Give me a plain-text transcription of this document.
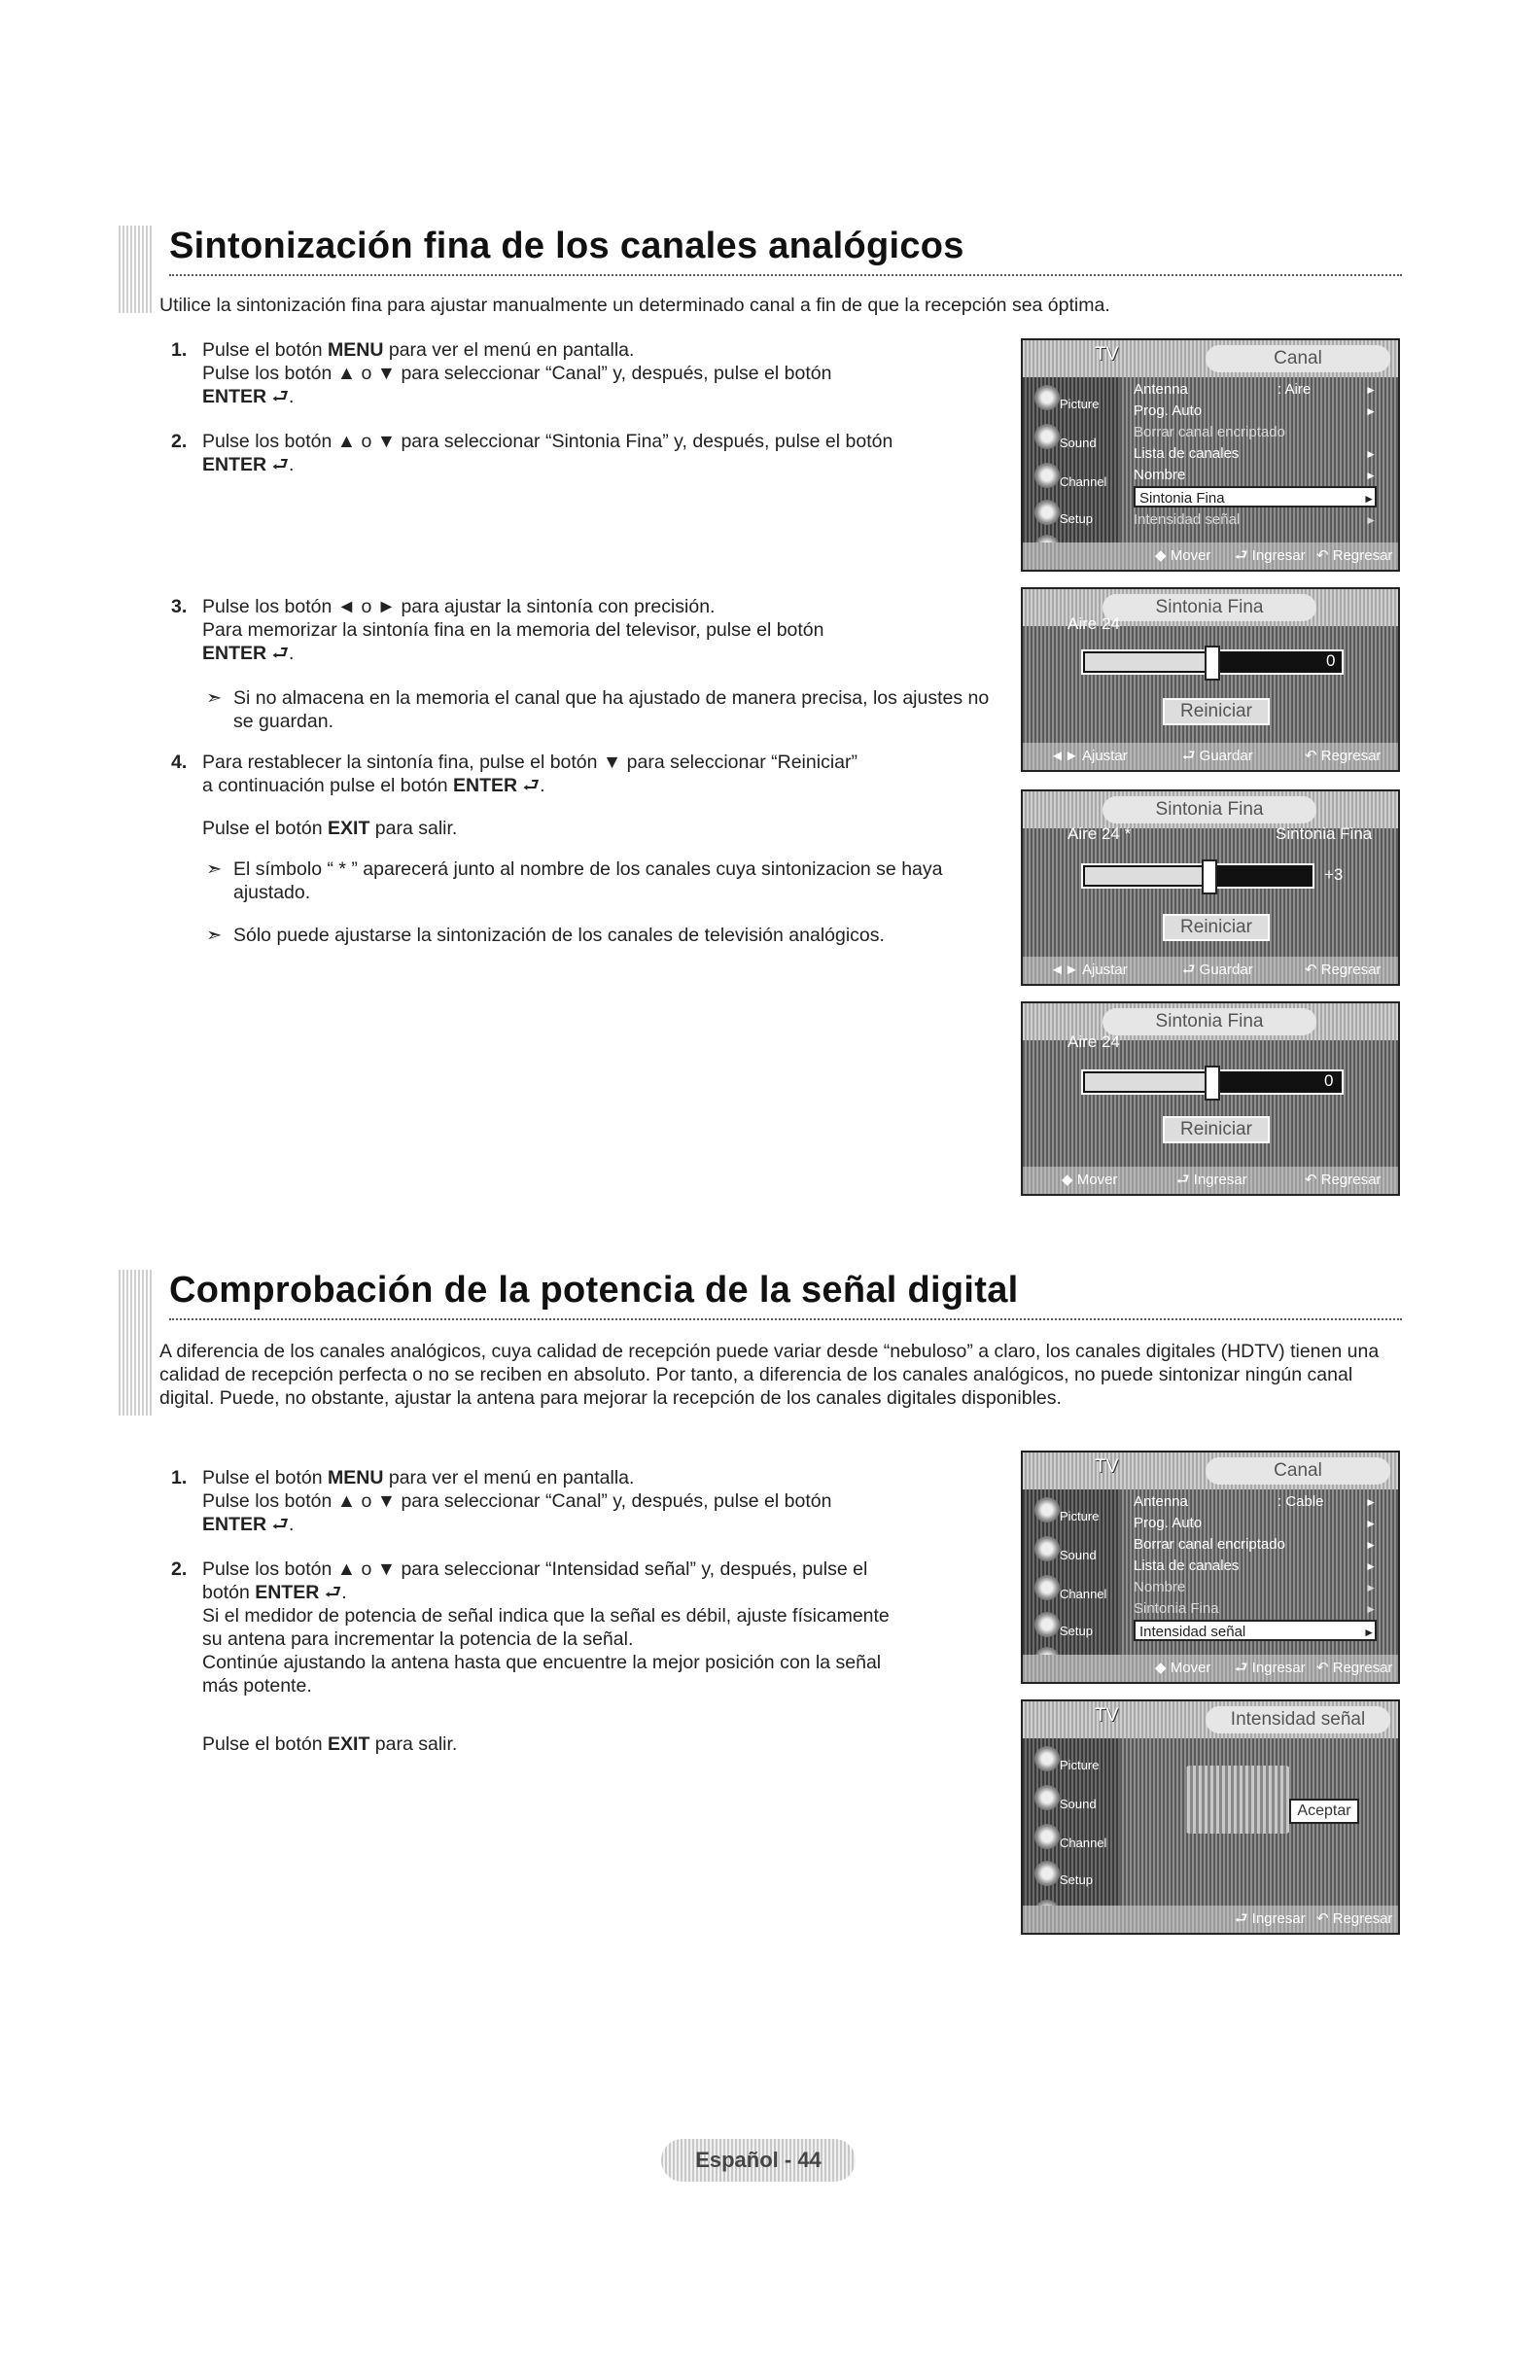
Sintonización fina de los canales analógicos
Utilice la sintonización fina para ajustar manualmente un determinado canal a fin de que la recepción sea óptima.
1. Pulse el botón MENU para ver el menú en pantalla.

Pulse los botón ▲ o ▼ para seleccionar “Canal” y, después, pulse el botón

ENTER ⮐.

2. Pulse los botón ▲ o ▼ para seleccionar “Sintonia Fina” y, después, pulse el botón

ENTER ⮐.

3. Pulse los botón ◄ o ► para ajustar la sintonía con precisión.

Para memorizar la sintonía fina en la memoria del televisor, pulse el botón

ENTER ⮐.

➣ Si no almacena en la memoria el canal que ha ajustado de manera precisa, los ajustes no se guardan.
4. Para restablecer la sintonía fina, pulse el botón ▼ para seleccionar “Reiniciar”

a continuación pulse el botón ENTER ⮐.

Pulse el botón EXIT para salir.
➣ El símbolo “ * ” aparecerá junto al nombre de los canales cuya sintonizacion se haya ajustado.
➣ Sólo puede ajustarse la sintonización de los canales de televisión analógicos.
TV	Canal
Picture
Sound
Channel
Setup
Antenna	: Aire	►
Prog. Auto	►
Borrar canal encriptado
Lista de canales	►
Nombre	►
Sintonia Fina	►
Intensidad señal	►
◆ Mover ⮐ Ingresar ↶ Regresar
Sintonia Fina
Aire 24
0
Reiniciar
◄► Ajustar	⮐ Guardar	↶ Regresar
Sintonia Fina
Aire 24 *	Sintonia Fina
+3
Reiniciar
◄► Ajustar	⮐ Guardar	↶ Regresar
Sintonia Fina
Aire 24
0
Reiniciar
◆ Mover	⮐ Ingresar	↶ Regresar
Comprobación de la potencia de la señal digital
A diferencia de los canales analógicos, cuya calidad de recepción puede variar desde “nebuloso” a claro, los canales digitales (HDTV) tienen una calidad de recepción perfecta o no se reciben en absoluto. Por tanto, a diferencia de los canales analógicos, no puede sintonizar ningún canal digital. Puede, no obstante, ajustar la antena para mejorar la recepción de los canales digitales disponibles.
1. Pulse el botón MENU para ver el menú en pantalla.

Pulse los botón ▲ o ▼ para seleccionar “Canal” y, después, pulse el botón

ENTER ⮐.

2. Pulse los botón ▲ o ▼ para seleccionar “Intensidad señal” y, después, pulse el

botón ENTER ⮐.

Si el medidor de potencia de señal indica que la señal es débil, ajuste físicamente

su antena para incrementar la potencia de la señal.

Continúe ajustando la antena hasta que encuentre la mejor posición con la señal

más potente.

Pulse el botón EXIT para salir.
TV	Canal
Picture
Sound
Channel
Setup
Antenna	: Cable	►
Prog. Auto	►
Borrar canal encriptado	►
Lista de canales	►
Nombre	►
Sintonia Fina	►
Intensidad señal	►
◆ Mover ⮐ Ingresar ↶ Regresar
TV	Intensidad señal
Picture
Sound
Channel
Setup
Aceptar
⮐ Ingresar ↶ Regresar
Español - 44
